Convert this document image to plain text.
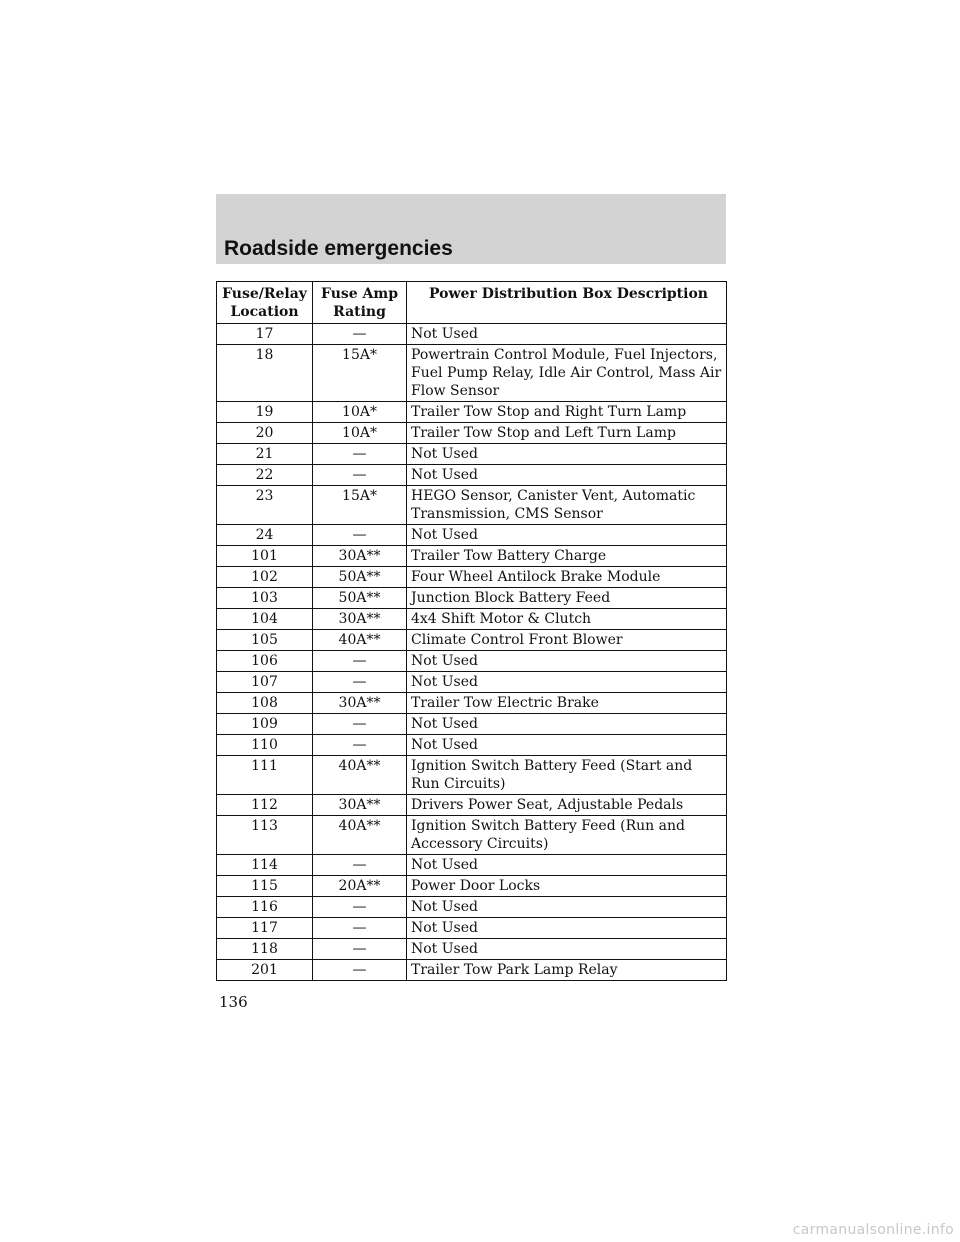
Roadside emergencies
Fuse/Relay Location	Fuse Amp Rating	Power Distribution Box Description
17	—	Not Used
18	15A*	Powertrain Control Module, Fuel Injectors, Fuel Pump Relay, Idle Air Control, Mass Air Flow Sensor
19	10A*	Trailer Tow Stop and Right Turn Lamp
20	10A*	Trailer Tow Stop and Left Turn Lamp
21	—	Not Used
22	—	Not Used
23	15A*	HEGO Sensor, Canister Vent, Automatic Transmission, CMS Sensor
24	—	Not Used
101	30A**	Trailer Tow Battery Charge
102	50A**	Four Wheel Antilock Brake Module
103	50A**	Junction Block Battery Feed
104	30A**	4x4 Shift Motor & Clutch
105	40A**	Climate Control Front Blower
106	—	Not Used
107	—	Not Used
108	30A**	Trailer Tow Electric Brake
109	—	Not Used
110	—	Not Used
111	40A**	Ignition Switch Battery Feed (Start and Run Circuits)
112	30A**	Drivers Power Seat, Adjustable Pedals
113	40A**	Ignition Switch Battery Feed (Run and Accessory Circuits)
114	—	Not Used
115	20A**	Power Door Locks
116	—	Not Used
117	—	Not Used
118	—	Not Used
201	—	Trailer Tow Park Lamp Relay
136
carmanualsonline.info
